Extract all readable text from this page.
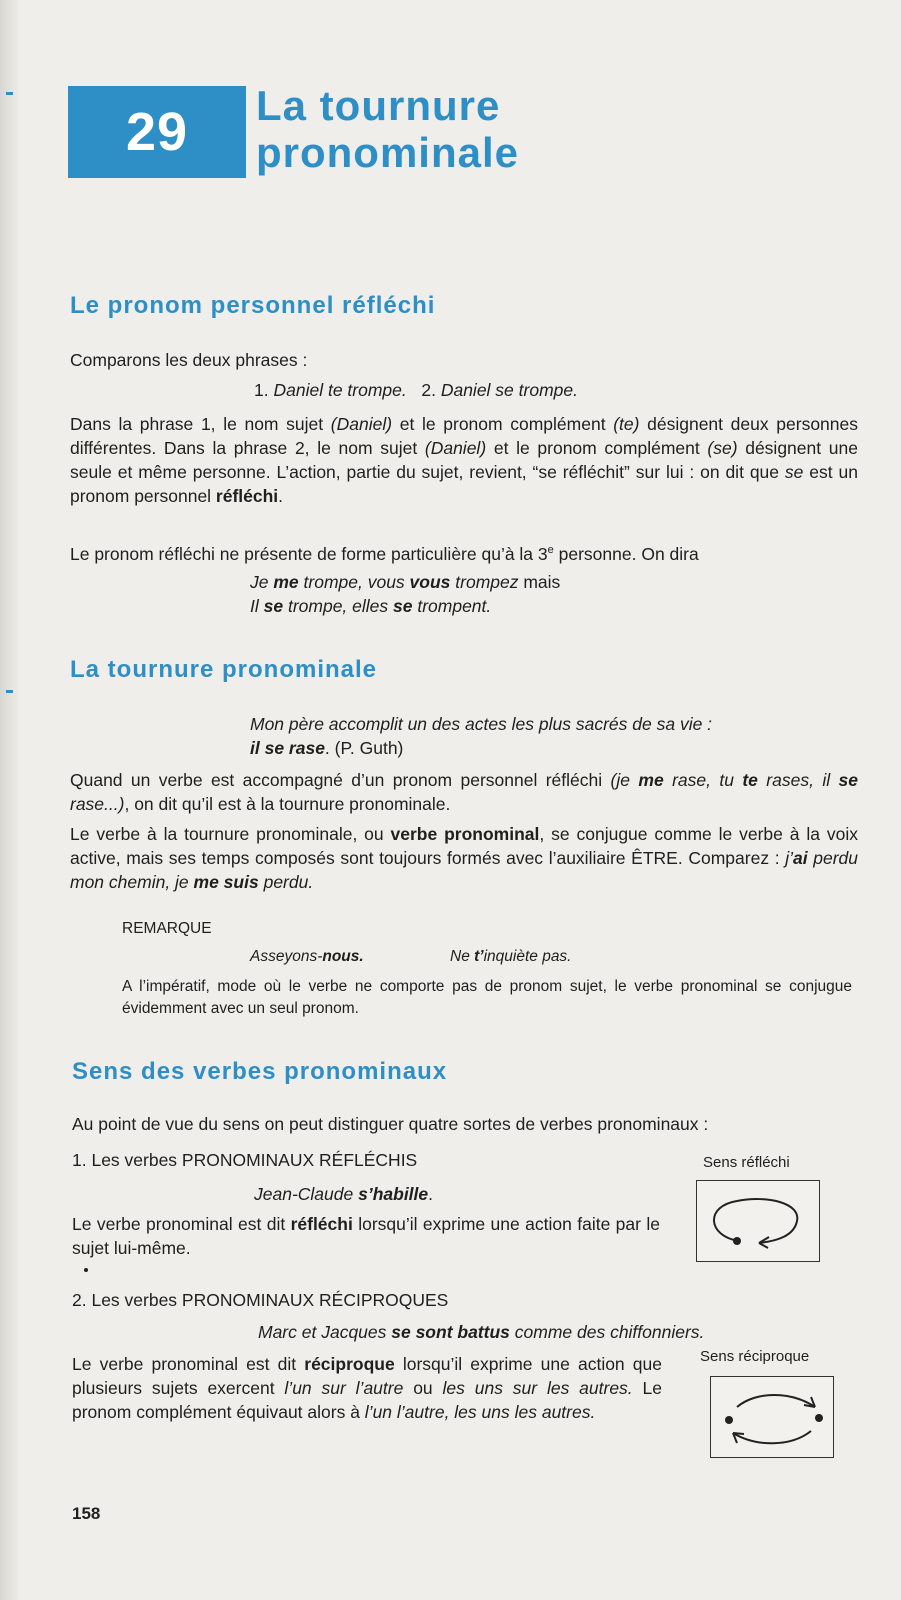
29 La tournure
pronominale
Le pronom personnel réfléchi
Comparons les deux phrases :
1. Daniel te trompe. 2. Daniel se trompe.
Dans la phrase 1, le nom sujet (Daniel) et le pronom complément (te) désignent deux personnes différentes. Dans la phrase 2, le nom sujet (Daniel) et le pronom complément (se) désignent une seule et même personne. L’action, partie du sujet, revient, “se réfléchit” sur lui : on dit que se est un pronom personnel réfléchi.
Le pronom réfléchi ne présente de forme particulière qu’à la 3e personne. On dira
Je me trompe, vous vous trompez mais
Il se trompe, elles se trompent.
La tournure pronominale
Mon père accomplit un des actes les plus sacrés de sa vie :
il se rase. (P. Guth)
Quand un verbe est accompagné d’un pronom personnel réfléchi (je me rase, tu te rases, il se rase...), on dit qu’il est à la tournure pronominale.
Le verbe à la tournure pronominale, ou verbe pronominal, se conjugue comme le verbe à la voix active, mais ses temps composés sont toujours formés avec l’auxiliaire ÊTRE. Comparez : j’ai perdu mon chemin, je me suis perdu.
REMARQUE
Asseyons-nous.	Ne t’inquiète pas.
A l’impératif, mode où le verbe ne comporte pas de pronom sujet, le verbe pronominal se conjugue évidemment avec un seul pronom.
Sens des verbes pronominaux
Au point de vue du sens on peut distinguer quatre sortes de verbes pronominaux :
1. Les verbes PRONOMINAUX RÉFLÉCHIS
Jean-Claude s’habille.
Le verbe pronominal est dit réfléchi lorsqu’il exprime une action faite par le sujet lui-même.
Sens réfléchi
2. Les verbes PRONOMINAUX RÉCIPROQUES
Marc et Jacques se sont battus comme des chiffonniers.
Le verbe pronominal est dit réciproque lorsqu’il exprime une action que plusieurs sujets exercent l’un sur l’autre ou les uns sur les autres. Le pronom complément équivaut alors à l’un l’autre, les uns les autres.
Sens réciproque
158
